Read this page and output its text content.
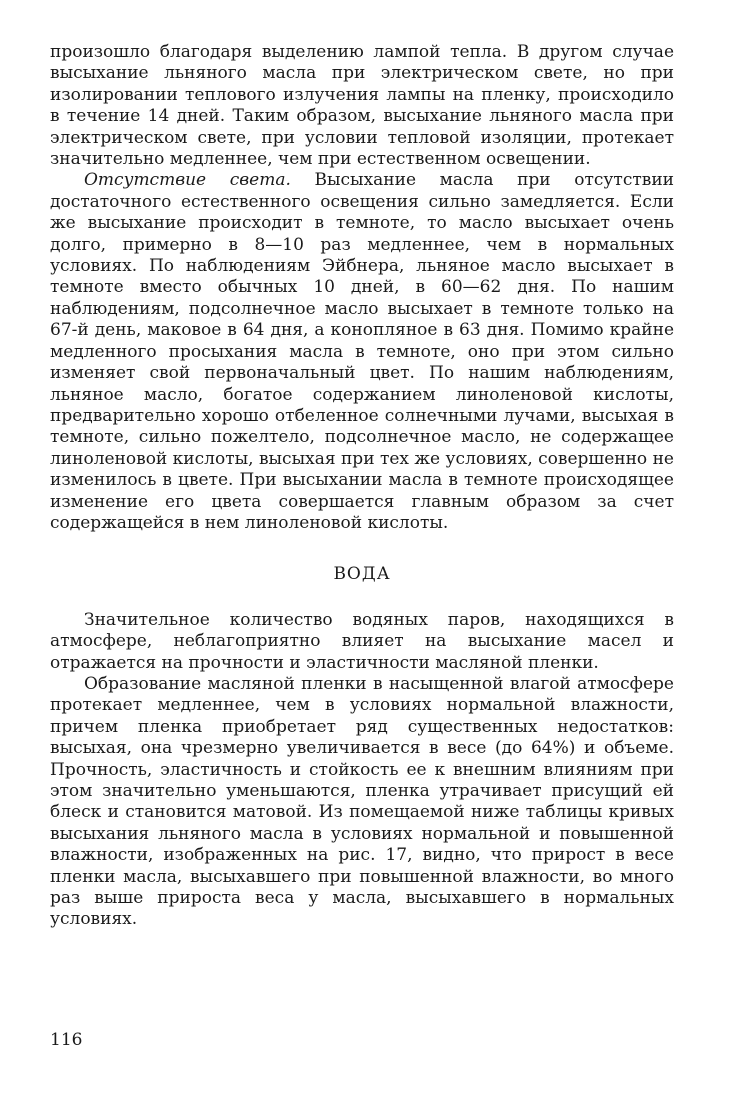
произошло благодаря выделению лампой тепла. В другом случае высыхание льняного масла при электрическом свете, но при изолировании теплового излучения лампы на пленку, происходило в течение 14 дней. Таким образом, высыхание льняного масла при электрическом свете, при условии тепловой изоляции, протекает значительно медленнее, чем при естественном освещении.

Отсутствие света. Высыхание масла при отсутствии достаточного естественного освещения сильно замедляется. Если же высыхание происходит в темноте, то масло высыхает очень долго, примерно в 8—10 раз медленнее, чем в нормальных условиях. По наблюдениям Эйбнера, льняное масло высыхает в темноте вместо обычных 10 дней, в 60—62 дня. По нашим наблюдениям, подсолнечное масло высыхает в темноте только на 67-й день, маковое в 64 дня, а конопляное в 63 дня. Помимо крайне медленного просыхания масла в темноте, оно при этом сильно изменяет свой первоначальный цвет. По нашим наблюдениям, льняное масло, богатое содержанием линоленовой кислоты, предварительно хорошо отбеленное солнечными лучами, высыхая в темноте, сильно пожелтело, подсолнечное масло, не содержащее линоленовой кислоты, высыхая при тех же условиях, совершенно не изменилось в цвете. При высыхании масла в темноте происходящее изменение его цвета совершается главным образом за счет содержащейся в нем линоленовой кислоты.

ВОДА

Значительное количество водяных паров, находящихся в атмосфере, неблагоприятно влияет на высыхание масел и отражается на прочности и эластичности масляной пленки.

Образование масляной пленки в насыщенной влагой атмосфере протекает медленнее, чем в условиях нормальной влажности, причем пленка приобретает ряд существенных недостатков: высыхая, она чрезмерно увеличивается в весе (до 64%) и объеме. Прочность, эластичность и стойкость ее к внешним влияниям при этом значительно уменьшаются, пленка утрачивает присущий ей блеск и становится матовой. Из помещаемой ниже таблицы кривых высыхания льняного масла в условиях нормальной и повышенной влажности, изображенных на рис. 17, видно, что прирост в весе пленки масла, высыхавшего при повышенной влажности, во много раз выше прироста веса у масла, высыхавшего в нормальных условиях.

116
